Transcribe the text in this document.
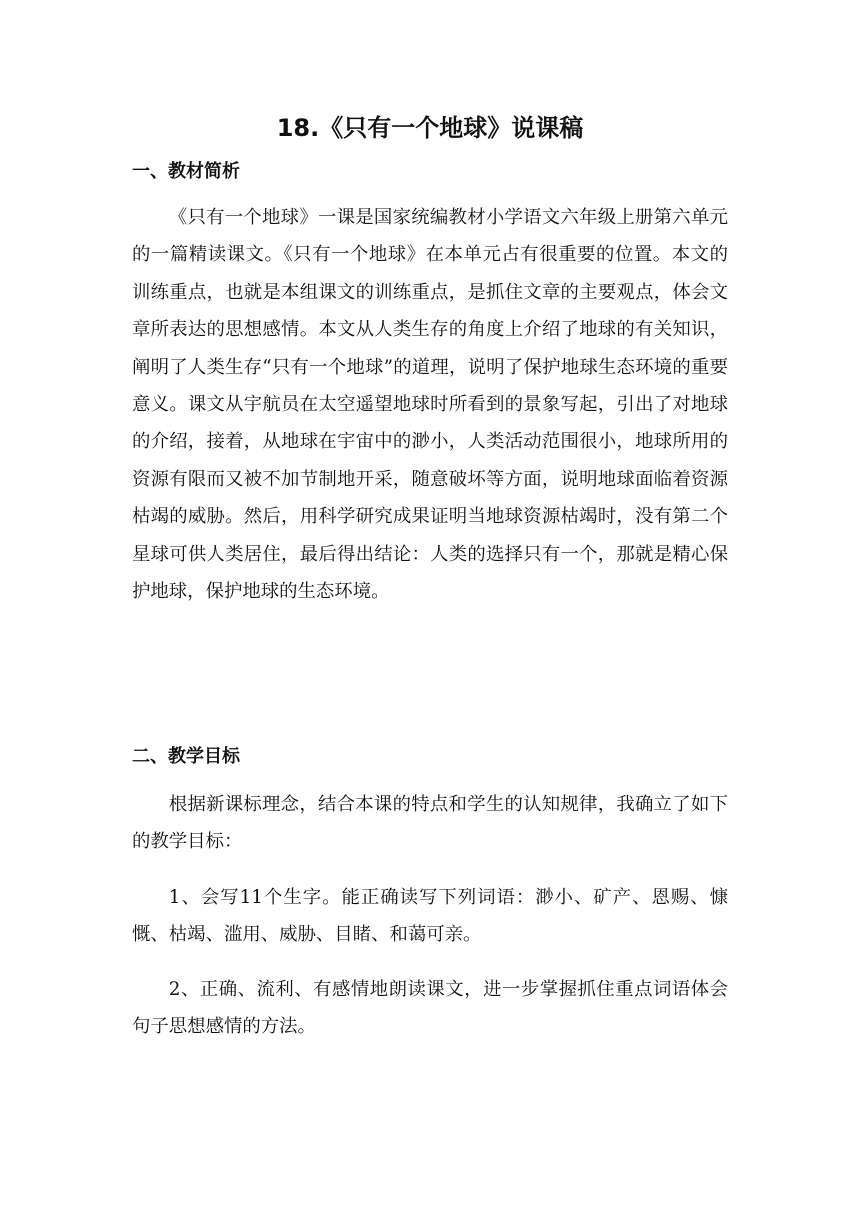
18.《只有一个地球》说课稿
一、教材简析

《只有一个地球》一课是国家统编教材小学语文六年级上册第六单元的一篇精读课文。《只有一个地球》在本单元占有很重要的位置。本文的训练重点，也就是本组课文的训练重点，是抓住文章的主要观点，体会文章所表达的思想感情。本文从人类生存的角度上介绍了地球的有关知识，阐明了人类生存“只有一个地球”的道理，说明了保护地球生态环境的重要意义。课文从宇航员在太空遥望地球时所看到的景象写起，引出了对地球的介绍，接着，从地球在宇宙中的渺小，人类活动范围很小，地球所用的资源有限而又被不加节制地开采，随意破坏等方面，说明地球面临着资源枯竭的威胁。然后，用科学研究成果证明当地球资源枯竭时，没有第二个星球可供人类居住，最后得出结论：人类的选择只有一个，那就是精心保护地球，保护地球的生态环境。

二、教学目标

根据新课标理念，结合本课的特点和学生的认知规律，我确立了如下的教学目标：

1、会写11个生字。能正确读写下列词语：渺小、矿产、恩赐、慷慨、枯竭、滥用、威胁、目睹、和蔼可亲。

2、正确、流利、有感情地朗读课文，进一步掌握抓住重点词语体会句子思想感情的方法。
